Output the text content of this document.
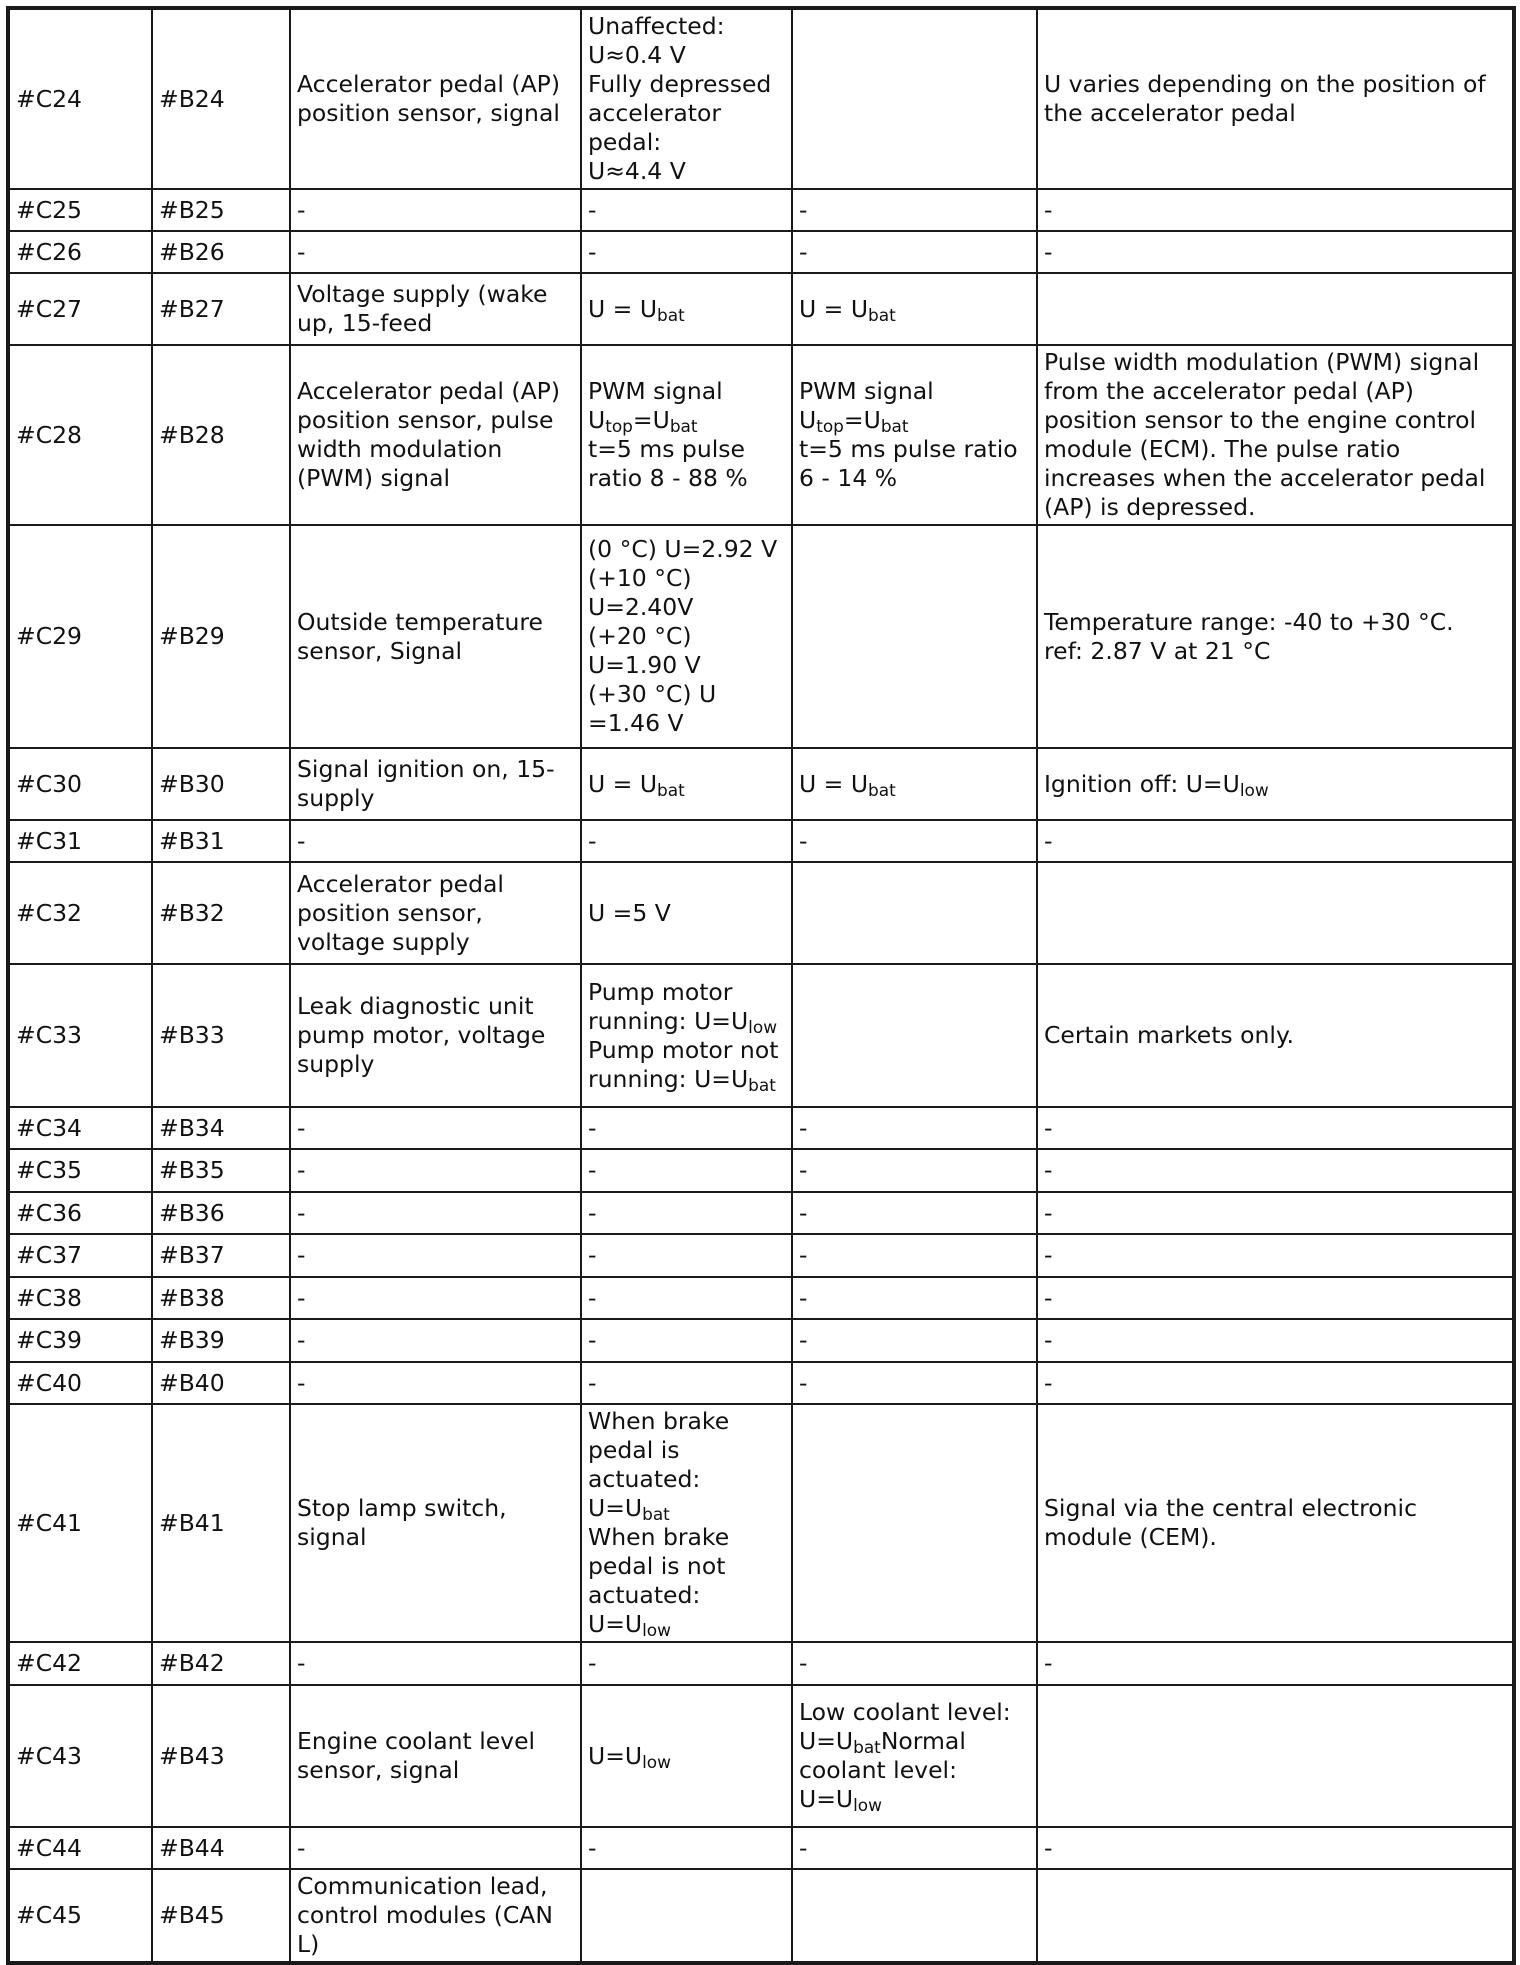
#C24	#B24	Accelerator pedal (AP) position sensor, signal	Unaffected:
U≈0.4 V
Fully depressed accelerator pedal:
U≈4.4 V		U varies depending on the position of the accelerator pedal
#C25	#B25	-	-	-	-
#C26	#B26	-	-	-	-
#C27	#B27	Voltage supply (wake up, 15-feed	$U = U_{bat}$	$U = U_{bat}$	
#C28	#B28	Accelerator pedal (AP) position sensor, pulse width modulation (PWM) signal	PWM signal
$U_{top}=U_{bat}$
t=5 ms pulse ratio 8 - 88 %	PWM signal
$U_{top}=U_{bat}$
t=5 ms pulse ratio 6 - 14 %	Pulse width modulation (PWM) signal from the accelerator pedal (AP) position sensor to the engine control module (ECM). The pulse ratio increases when the accelerator pedal (AP) is depressed.
#C29	#B29	Outside temperature sensor, Signal	(0 °C) U=2.92 V
(+10 °C)
U=2.40V
(+20 °C) U=1.90 V
(+30 °C) U =1.46 V		Temperature range: -40 to +30 °C.
ref: 2.87 V at 21 °C

#C30	#B30	Signal ignition on, 15-supply	$U = U_{bat}$	$U = U_{bat}$	Ignition off: $U=U_{low}$
#C31	#B31	-	-	-	-
#C32	#B32	Accelerator pedal position sensor, voltage supply	U =5 V		
#C33	#B33	Leak diagnostic unit pump motor, voltage supply	Pump motor running: $U=U_{low}$
Pump motor not running: $U=U_{bat}$		Certain markets only.
#C34	#B34	-	-	-	-
#C35	#B35	-	-	-	-
#C36	#B36	-	-	-	-
#C37	#B37	-	-	-	-
#C38	#B38	-	-	-	-
#C39	#B39	-	-	-	-
#C40	#B40	-	-	-	-
#C41	#B41	Stop lamp switch, signal	When brake pedal is actuated: $U=U_{bat}$
When brake pedal is not actuated: $U=U_{low}$		Signal via the central electronic module (CEM).
#C42	#B42	-	-	-	-
#C43	#B43	Engine coolant level sensor, signal	$U=U_{low}$	Low coolant level: $U=U_{bat}Normal$ coolant level: $U=U_{low}$	
#C44	#B44	-	-	-	-
#C45	#B45	Communication lead, control modules (CAN L)			
